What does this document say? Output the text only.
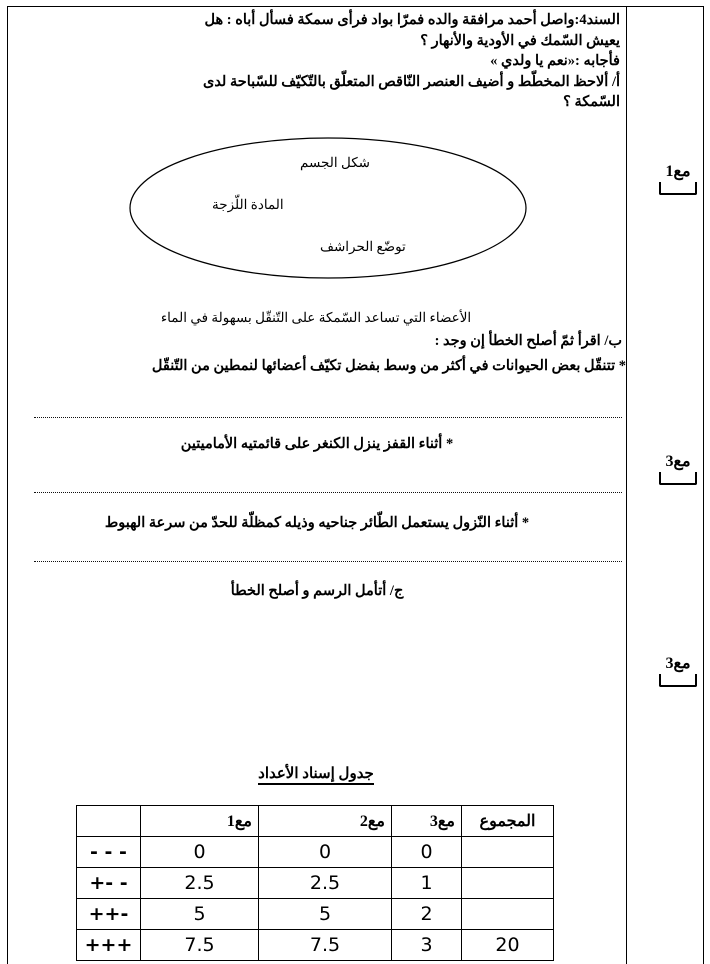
السند4:واصل أحمد مرافقة والده فمرّا بواد فرأى سمكة فسأل أباه : هل

يعيش السّمك في الأودية والأنهار ؟

فأجابه :«نعم يا ولدي »

أ/ ألاحظ المخطّط و أضيف العنصر النّاقص المتعلّق بالتّكيّف للسّباحة لدى

السّمكة ؟

شكل الجسم
المادة اللّزجة
توضّع الحراشف
الأعضاء التي تساعد السّمكة على التّنقّل بسهولة في الماء

ب/ اقرأ ثمّ أصلح الخطأ إن وجد :

* تتنقّل بعض الحيوانات في أكثر من وسط بفضل تكيّف أعضائها لنمطين من التّنقّل

* أثناء القفز ينزل الكنغر على قائمتيه الأماميتين

* أثناء النّزول يستعمل الطّائر جناحيه وذيله كمظلّة للحدّ من سرعة الهبوط

ج/ أتأمل الرسم و أصلح الخطأ

مع1
مع3
مع3
جدول إسناد الأعداد
المجموع	مع3	مع2	مع1	
	0	0	0	- - -
	1	2.5	2.5	- -+
	2	5	5	-++
20	3	7.5	7.5	+++
